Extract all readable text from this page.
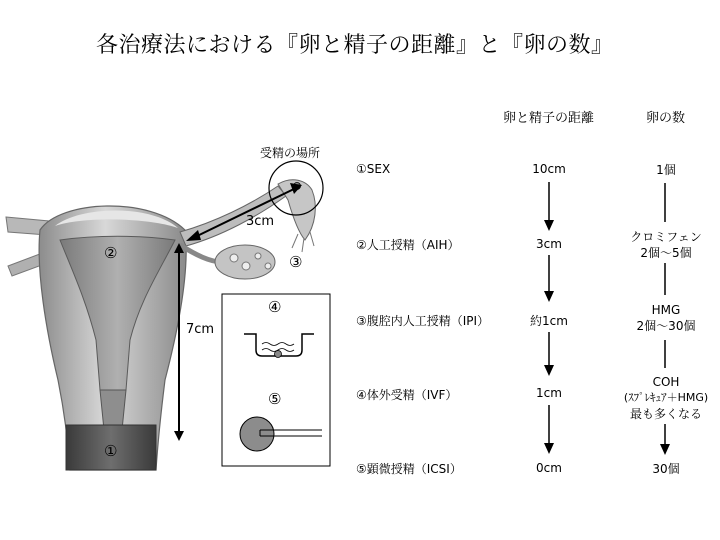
各治療法における『卵と精子の距離』と『卵の数』
卵と精子の距離	卵の数
受精の場所
3cm
7cm
①
②	③
④
⑤
①SEX
②人工授精（AIH）
③腹腔内人工授精（IPI）
④体外受精（IVF）
⑤顕微授精（ICSI）
10cm
3cm
約1cm
1cm
0cm
1個
クロミフェン
2個～5個
HMG
2個～30個
COH
(ｽﾌﾟﾚｷｭｱ＋HMG)
最も多くなる
30個
